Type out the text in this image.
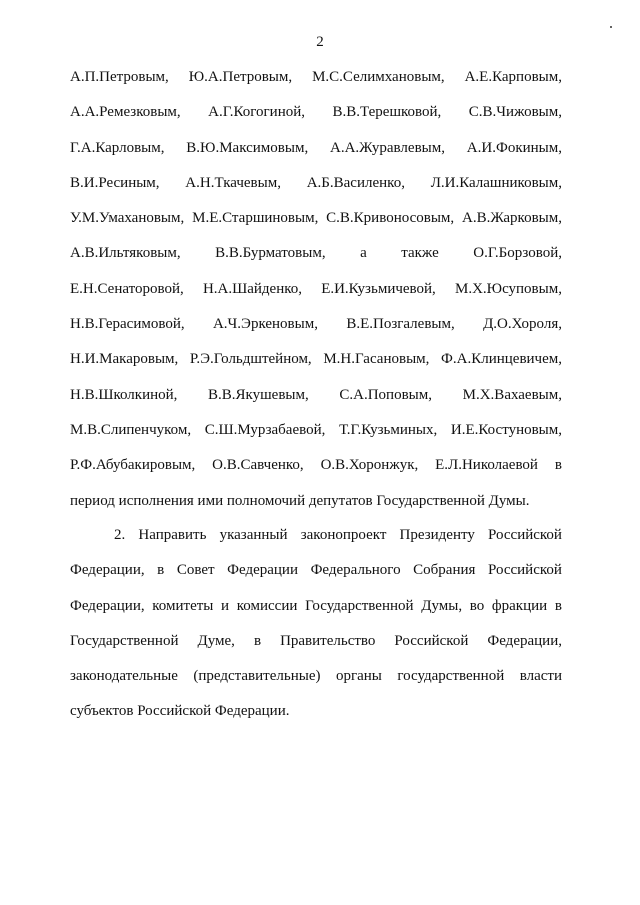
2
А.П.Петровым, Ю.А.Петровым, М.С.Селимхановым, А.Е.Карповым,
А.А.Ремезковым, А.Г.Когогиной, В.В.Терешковой, С.В.Чижовым,
Г.А.Карловым, В.Ю.Максимовым, А.А.Журавлевым, А.И.Фокиным,
В.И.Ресиным, А.Н.Ткачевым, А.Б.Василенко, Л.И.Калашниковым,
У.М.Умахановым, М.Е.Старшиновым, С.В.Кривоносовым, А.В.Жарковым,
А.В.Ильтяковым, В.В.Бурматовым, а также О.Г.Борзовой,
Е.Н.Сенаторовой, Н.А.Шайденко, Е.И.Кузьмичевой, М.Х.Юсуповым,
Н.В.Герасимовой, А.Ч.Эркеновым, В.Е.Позгалевым, Д.О.Хороля,
Н.И.Макаровым, Р.Э.Гольдштейном, М.Н.Гасановым, Ф.А.Клинцевичем,
Н.В.Школкиной, В.В.Якушевым, С.А.Поповым, М.Х.Вахаевым,
М.В.Слипенчуком, С.Ш.Мурзабаевой, Т.Г.Кузьминых, И.Е.Костуновым,
Р.Ф.Абубакировым, О.В.Савченко, О.В.Хоронжук, Е.Л.Николаевой в
период исполнения ими полномочий депутатов Государственной Думы.
2. Направить указанный законопроект Президенту Российской
Федерации, в Совет Федерации Федерального Собрания Российской
Федерации, комитеты и комиссии Государственной Думы, во фракции в
Государственной Думе, в Правительство Российской Федерации,
законодательные (представительные) органы государственной власти
субъектов Российской Федерации.
